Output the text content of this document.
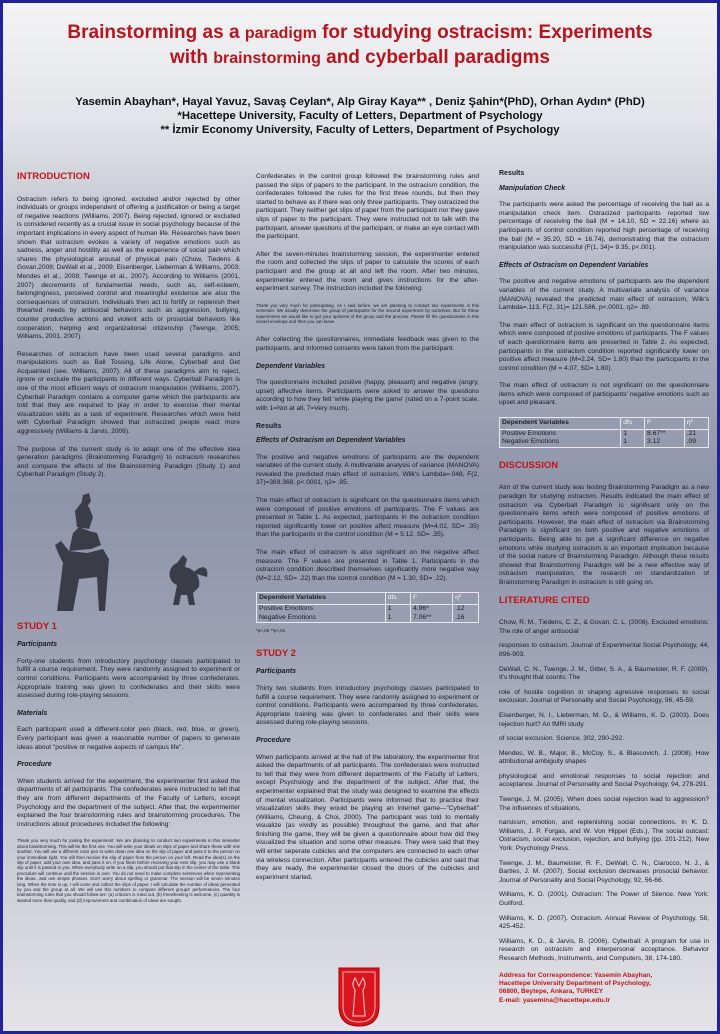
Brainstorming as a paradigm for studying ostracism: Experiments
with brainstorming and cyberball paradigms
Yasemin Abayhan*, Hayal Yavuz, Savaş Ceylan*, Alp Giray Kaya** , Deniz Şahin*(PhD), Orhan Aydın* (PhD)
*Hacettepe University, Faculty of Letters, Department of Psychology
** İzmir Economy University, Faculty of Letters, Department of Psychology
INTRODUCTION

Ostracism refers to being ignored, excluded and/or rejected by other individuals or groups independent of offering a justification or being a target of negative reactions (Williams, 2007). Being rejected, ignored or excluded is considered recently as a crucial issue in social psychology because of the important implications in every aspect of human life. Researches have been shown that ostracism evokes a variety of negative emotions such as sadness, anger and hostility as well as the experience of social pain which shares the physiological arousal of physical pain (Chow, Tiedens & Govan,2008; DeWall et al., 2009; Eisenberger, Lieberman & Williams, 2003; Mendes et al., 2008; Twenge et al., 2007). According to Williams (2001, 2007) decrements of fundamental needs, such as, self-esteem, belongingness, perceived control and meaningful existence are also the consequences of ostracism. Individuals then act to fortify or replenish their thwarted needs by antisocial behaviors such as aggression, bullying, counter productive actions and violent acts or prosocial behaviors like cooperation, helping and organizational citizenship (Twenge, 2005; Williams, 2001, 2007).

Researches of ostracism have been used several paradigms and manipulations such as Ball Tossing, Life Alone, Cyberball and Get Acquainted (see. Williams, 2007). All of these paradigms aim to reject, ignore or exclude the participants in different ways. Cyberball Paradigm is one of the most efficient ways of ostracism manipulation (Williams, 2007). Cyberball Paradigm contains a computer game which the participants are told that they are required to play in order to exercise their mental visualization skills as a task of experiment. Researches which were held with Cyberball Paradigm showed that ostracized people react more aggressively (Williams & Jarvis, 2006).

The purpose of the current study is to adapt one of the effective idea generation paradigms (Brainstorming Paradigm) to ostracism researches and compare the effects of the Brainstorming Paradigm (Study 1) and Cyberball Paradigm (Study 2).

STUDY 1
Participants

Forty-one students from introductory psychology classes participated to fulfill a course requirement. They were randomly assigned to experiment or control conditions. Participants were accompanied by three confederates. Appropriate training was given to confederates and their skills were assessed during role-playing sessions.

Materials

Each participant used a different-color pen (black, red, blue, or green). Every participant was given a reasonable number of papers to generate ideas about "positive or negative aspects of campus life".

Procedure

When students arrived for the experiment, the experimenter first asked the departments of all participants. The confederates were instructed to tell that they are from different departments of the Faculty of Letters, except Psychology and the department of the subject. After that, the experimenter explained the four brainstorming rules and brainstorming procedures. The instructions about procedures included the following:

Thank you very much for joining the experiment. We are planning to conduct two experiments in this semester about brainstorming. This will be the first one. You will write your ideals on slips of paper and share those with one another. You will use a different color pen to write down one idea on the slip of paper and pass it to the person on your immediate right. You will then receive the slip of paper from the person on your left. Read the idea(s) on the slip of paper, add your own idea, and pass it on. If you finish before receiving your next slip, you may use a blank slip until it is passed to you. When everybody write on a slip, you should put that slip in the center of the table. This procedure will continue until the session is over. You do not need to make complete sentences when representing the ideas. Just use simple phrases. Don't worry about spelling or grammar. The session will be seven minutes long. When the time is up, I will come and collect the slips of paper. I will calculate the number of ideas generated by you and the group at all. We will use this numbers to compare different groups' performances. The four brainstorming rules that you should follow are: (a) criticism is ruled out, (b) freewheeling is welcome, (c) quantity is wanted more than quality, and (d) improvement and combination of ideas are sought.

Confederates in the control group followed the brainstorming rules and passed the slips of papers to the participant. In the ostracism condition, the confederates followed the rules for the first three rounds, but then they started to behave as if there was only three participants. They ostracized the participant. They neither get slips of paper from the participant nor they gave slips of paper to the participant. They were instructed not to talk with the participant, answer questions of the participant, or make an eye contact with the participant.

After the seven-minutes brainstorming session, the experimenter entered the room and collected the slips of paper to calculate the scores of each participant and the group at all and left the room. After two minutes, experimenter entered the room and gives instructions for the after-experiment survey. The instruction included the following:

Thank you very much for participating. As I said before, we are planning to conduct two experiments in this semester. We usually determine the group of participants for the second experiment by ourselves. But for these experiments we would like to get your opinions of the group and the process. Please fill the questionnaire in this closed envelope and then you can leave.

After collecting the questionnaires, immediate feedback was given to the participants, and informed consents were taken from the participant.

Dependent Variables

The questionnaire included positive (happy, pleasant) and negative (angry, upset) affective items. Participants were asked to answer the questions according to how they felt 'while playing the game' (rated on a 7-point scale, with 1=Not at all, 7=Very much).

Results
Effects of Ostracism on Dependent Variables

The positive and negative emotions of participants are the dependent variables of the current study. A multivariate analysis of variance (MANOVA) revealed the predicted main effect of ostracism, Wilk's Lambda=.048, F(2, 37)=369.368, p<.0001, η2= .95.

The main effect of ostracism is significant on the questionnaire items which were composed of positive emotions of participants. The F values are presented in Table 1. As expected, participants in the ostracism condition reported significantly lower on positive affect measure (M=4.02, SD= .35) than the participants in the control condition (M = 5.12, SD= .35).

The main effect of ostracism is also significant on the negative affect measure. The F values are presented in Table 1. Participants in the ostracism condition described themselves significantly more negative way (M=2.12, SD= .22) than the control condition (M = 1.30, SD= .22).

Dependent Variables	dfs	F	η²
Positive Emotions	1	4.96*	.12
Negative Emotions	1	7.06**	.16
*p<.05 **p<.01
STUDY 2
Participants

Thirty two students from introductory psychology classes participated to fulfill a course requirement. They were randomly assigned to experiment or control conditions. Participants were accompanied by three confederates. Appropriate training was given to confederates and their skills were assessed during role-playing sessions.

Procedure

When participants arrived at the hall of the laboratory, the experimenter first asked the departments of all participants. The confederates were instructed to tell that they were from different departments of the Faculty of Letters, except Psychology and the department of the subject. After that, the experimenter explained that the study was designed to examine the effects of mental visualization. Participants were informed that to practice their visualization skills they would be playing an Internet game—"Cyberball" (Williams, Cheung, & Choi, 2000). The participant was told to mentally visualize (as vividly as possible) throughout the game, and that after finishing the game, they will be given a questionnaire about how did they visualized the situation and some other measure. They were said that they will enter seperate cubicles and the computers are connected to each other via wireless connection. After participants entered the cubicles and said that they are ready, the experimenter closed the doors of the cubicles and experiment started.

Results
Manipulation Check

The participants were asked the percentage of receiving the ball as a manipulation check item. Ostracized participants reported low percentage of receiving the ball (M = 14.10, SD = 22.16) where as participants of control condition reported high percentage of receiving the ball (M = 35.20, SD = 16.74), demonstrating that the ostracism manipulation was successful (F(1, 34)= 9.35, p<.001).

Effects of Ostracism on Dependent Variables

The positive and negative emotions of participants are the dependent variables of the current study. A multivariate analysis of variance (MANOVA) revealed the predicted main effect of ostracism, Wilk's Lambda=.113, F(2, 31)= 121.586, p<.0001, η2= .89.

The main effect of ostracism is significant on the questionnaire items which were composed of postive emotions of participants. The F values of each questionnaire items are presented in Table 2. As expected, participants in the ostracism condition reported significantly lower on positive affect measure (M=2.24, SD= 1.80) than the participants in the control condition (M = 4.07, SD= 1.80).

The main effect of ostracism is not significant on the questionnaire items which were composed of participants' negative emotions such as upset and pleasant.

Dependent Variables	dfs	F	η²
Positive Emotions	1	8.67**	.21
Negative Emotions	1	3.12	.09
DISCUSSION

Aim of the current study was testing Brainstorming Paradigm as a new paradigm for studying ostracism. Results indicated the main effect of ostracism via Cyberball Paradigm is significant only on the questionnaire items which were composed of positive emotions of participants. However, the main effect of ostracism via Brainstorming Paradigm is significant on both positive and negative emotions of participants. Being able to get a significant difference on negative emotions while studying ostracism is an important implication because of the social nature of Brainstorming Paradigm. Although these results showed that Brainstorming Paradigm will be a new effective way of ostracism manipulation, the research on standardization of Brainstorming Paradigm in ostracism is still going on.

LITERATURE CITED
Chow, R. M., Tiedens, C. Z., & Govan, C. L. (2008). Excluded emotions: The role of anger antisocial
responses to ostracism. Journal of Experimental Social Psychology, 44, 896-903.
DeWall, C. N., Twenge, J. M., Gitter, S. A., & Baumeister, R. F. (2009). It's thought that counts: The
role of hostile cognition in shaping agressive responses to social exclusion. Journal of Personality and Social Psychology, 96, 45-59.
Eisenberger, N. I., Lieberman, M. D., & Williams, K. D. (2003). Does rejection hurt? An fMRI study
of social exclusion. Science, 302, 290-292.
Mendes, W. B., Major, B., McCoy, S., & Blascovich, J. (2008). How attributional ambiguity shapes
physiological and emotional responses to social rejection and acceptance. Journal of Personality and Social Psychology, 94, 278-291.
Twenge, J. M. (2005). When does social rejection lead to aggression? The influences of situations,
narsissm, emotion, and replenishing social connections. In K. D. Williams, J. P. Forgas, and W. Von Hippel (Eds.), The social outcast: Ostracism, social exclusion, rejection, and bullying (pp. 201-212). New York: Psychology Press.
Twenge, J. M., Baumeister, R. F., DeWall, C. N., Ciarocco, N. J., & Bartles, J. M. (2007). Social exclusion decreases prosocial behavior. Journal of Personality and Social Psychology, 92, 56-66.
Williams, K. D. (2001). Ostracism: The Power of Silence. New York: Guilford.
Williams, K. D. (2007). Ostracism. Annual Review of Psychology, 58, 425-452.
Williams, K. D., & Jarvis, B. (2006). Cyberball: A program for use in research on ostracism and interpersonal acceptance. Behavior Research Methods, Instruments, and Computers, 38, 174-180.
Address for Correspondence: Yasemin Abayhan,
Hacettepe University Department of Psychology,
06800, Beytepe, Ankara, TURKEY
E-mail: yasemina@hacettepe.edu.tr
